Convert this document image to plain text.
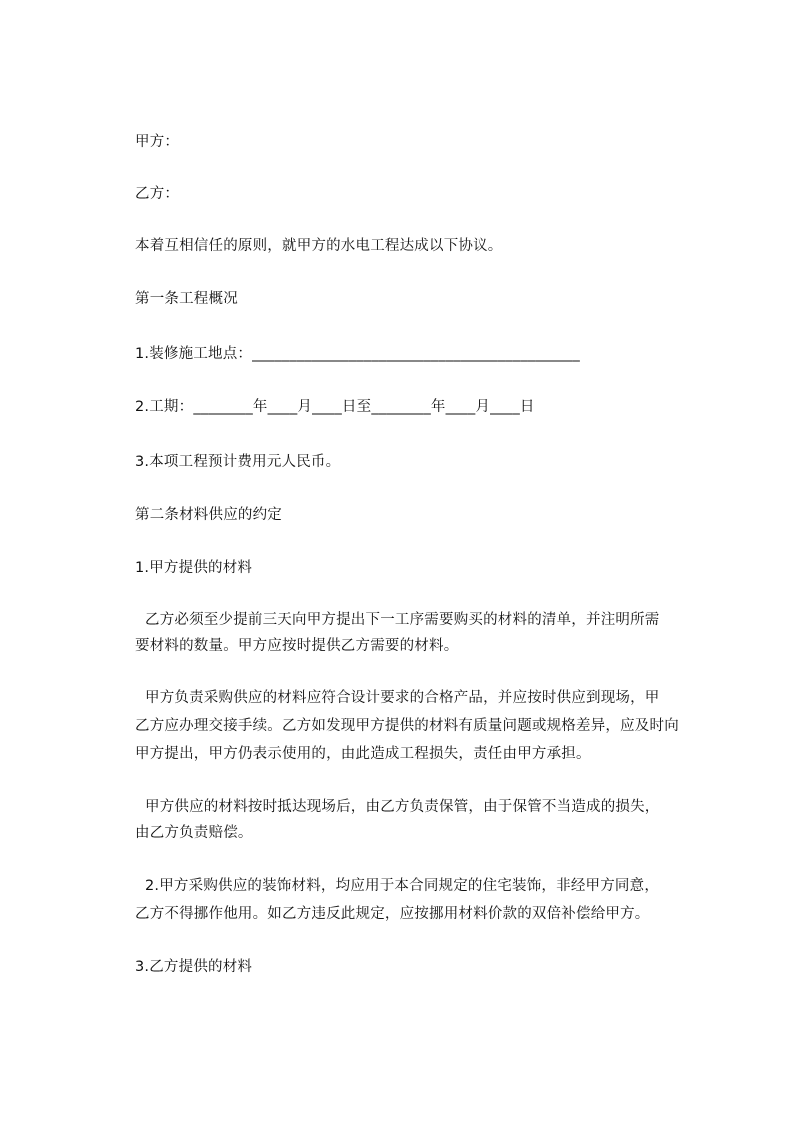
甲方：
乙方：
本着互相信任的原则，就甲方的水电工程达成以下协议。
第一条工程概况
1.装修施工地点：____________________________________________
2.工期：________年____月____日至________年____月____日
3.本项工程预计费用元人民币。
第二条材料供应的约定
1.甲方提供的材料
乙方必须至少提前三天向甲方提出下一工序需要购买的材料的清单，并注明所需
要材料的数量。甲方应按时提供乙方需要的材料。
甲方负责采购供应的材料应符合设计要求的合格产品，并应按时供应到现场，甲
乙方应办理交接手续。乙方如发现甲方提供的材料有质量问题或规格差异，应及时向
甲方提出，甲方仍表示使用的，由此造成工程损失，责任由甲方承担。
甲方供应的材料按时抵达现场后，由乙方负责保管，由于保管不当造成的损失，
由乙方负责赔偿。
2.甲方采购供应的装饰材料，均应用于本合同规定的住宅装饰，非经甲方同意，
乙方不得挪作他用。如乙方违反此规定，应按挪用材料价款的双倍补偿给甲方。
3.乙方提供的材料
